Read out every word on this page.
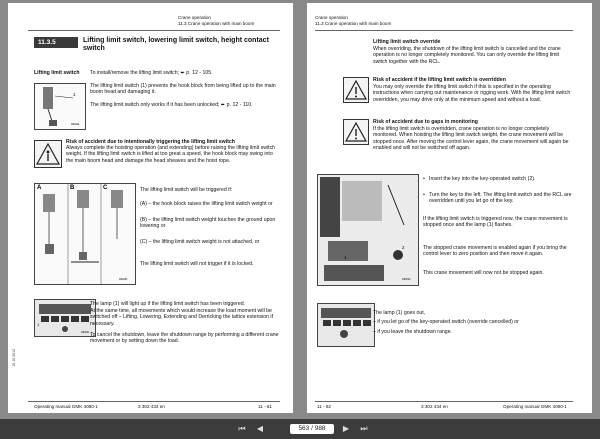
Crane operation
11.3 Crane operation with main boom
11.3.5	Lifting limit switch, lowering limit switch, height contact switch
Lifting limit switch To install/remove the lifting limit switch; ➨ p. 12 - 105.
1
0303a
The lifting limit switch (1) prevents the hook block from being lifted up to the main boom head and damaging it.
The lifting limit switch only works if it has been unlocked; ➨ p. 12 - 110.
Risk of accident due to intentionally triggering the lifting limit switch
Always complete the hoisting operation (and extending) before raising the lifting limit switch weight. If the lifting limit switch is lifted at too great a speed, the hook block may swing into the main boom head and damage the head sheaves and the hoist rope.
A	B	C
0303b
The lifting limit switch will be triggered if:
(A) – the hook block raises the lifting limit switch weight or
(B) – the lifting limit switch weight touches the ground upon lowering or
(C) – the lifting limit switch weight is not attached, or
The lifting limit switch will not trigger if it is locked.
1
0303c
The lamp (1) will light up if the lifting limit switch has been triggered.
At the same time, all movements which would increase the load moment will be switched off – Lifting, Lowering, Extending and Derricking the lattice extension if necessary.
To cancel the shutdown, leave the shutdown range by performing a different crane movement or by setting down the load.
15.10.2013
Operating manual GMK 4080-1	3 302 434 en	11 - 61
Crane operation
11.3 Crane operation with main boom
Lifting limit switch override
When overriding, the shutdown of the lifting limit switch is cancelled and the crane operation is no longer completely monitored. You can only override the lifting limit switch together with the RCL.
Risk of accident if the lifting limit switch is overridden
You may only override the lifting limit switch if this is specified in the operating instructions when carrying out maintenance or rigging work. With the lifting limit switch overridden, you may drive only at the minimum speed and without a load.
Risk of accident due to gaps in monitoring
If the lifting limit switch is overridden, crane operation is no longer completely monitored. When hoisting the lifting limit switch weight, the crane movement will be stopped once. After moving the control lever again, the crane movement will again be enabled and will not be switched off again.
1
2
0303d
• Insert the key into the key-operated switch (2).
• Turn the key to the left. The lifting limit switch and the RCL are overridden until you let go of the key.
If the lifting limit switch is triggered now, the crane movement is stopped once and the lamp (1) flashes.
The stopped crane movement is enabled again if you bring the control lever to zero position and then move it again.
This crane movement will now not be stopped again.
The lamp (1) goes out,
– if you let go of the key-operated switch (override cancelled) or
– if you leave the shutdown range.
11 - 62	3 302 434 en	Operating manual GMK 4080-1
⏮	◀	563 / 988	▶	⏭
